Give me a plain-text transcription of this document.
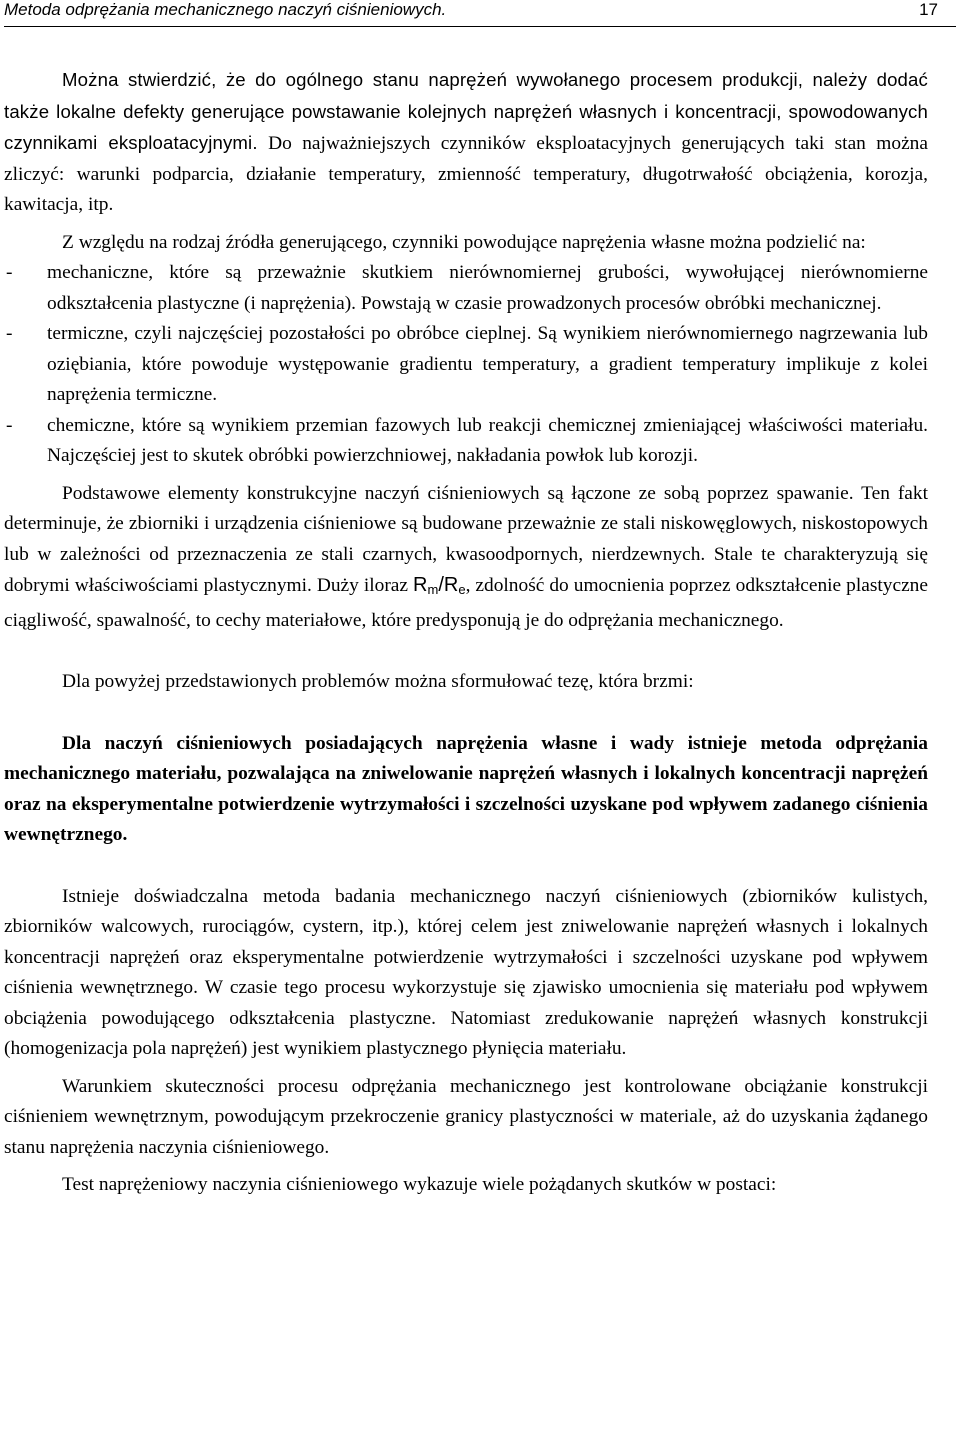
Metoda odprężania mechanicznego naczyń ciśnieniowych.	17

Można stwierdzić, że do ogólnego stanu naprężeń wywołanego procesem produkcji, należy dodać także lokalne defekty generujące powstawanie kolejnych naprężeń własnych i koncentracji, spowodowanych czynnikami eksploatacyjnymi. Do najważniejszych czynników eksploatacyjnych generujących taki stan można zliczyć: warunki podparcia, działanie temperatury, zmienność temperatury, długotrwałość obciążenia, korozja, kawitacja, itp.

Z względu na rodzaj źródła generującego, czynniki powodujące naprężenia własne można podzielić na:

- mechaniczne, które są przeważnie skutkiem nierównomiernej grubości, wywołującej nierównomierne odkształcenia plastyczne (i naprężenia). Powstają w czasie prowadzonych procesów obróbki mechanicznej.
- termiczne, czyli najczęściej pozostałości po obróbce cieplnej. Są wynikiem nierównomiernego nagrzewania lub oziębiania, które powoduje występowanie gradientu temperatury, a gradient temperatury implikuje z kolei naprężenia termiczne.
- chemiczne, które są wynikiem przemian fazowych lub reakcji chemicznej zmieniającej właściwości materiału. Najczęściej jest to skutek obróbki powierzchniowej, nakładania powłok lub korozji.

Podstawowe elementy konstrukcyjne naczyń ciśnieniowych są łączone ze sobą poprzez spawanie. Ten fakt determinuje, że zbiorniki i urządzenia ciśnieniowe są budowane przeważnie ze stali niskowęglowych, niskostopowych lub w zależności od przeznaczenia ze stali czarnych, kwasoodpornych, nierdzewnych. Stale te charakteryzują się dobrymi właściwościami plastycznymi. Duży iloraz $R_m/R_e$, zdolność do umocnienia poprzez odkształcenie plastyczne ciągliwość, spawalność, to cechy materiałowe, które predysponują je do odprężania mechanicznego.

Dla powyżej przedstawionych problemów można sformułować tezę, która brzmi:

Dla naczyń ciśnieniowych posiadających naprężenia własne i wady istnieje metoda odprężania mechanicznego materiału, pozwalająca na zniwelowanie naprężeń własnych i lokalnych koncentracji naprężeń oraz na eksperymentalne potwierdzenie wytrzymałości i szczelności uzyskane pod wpływem zadanego ciśnienia wewnętrznego.

Istnieje doświadczalna metoda badania mechanicznego naczyń ciśnieniowych (zbiorników kulistych, zbiorników walcowych, rurociągów, cystern, itp.), której celem jest zniwelowanie naprężeń własnych i lokalnych koncentracji naprężeń oraz eksperymentalne potwierdzenie wytrzymałości i szczelności uzyskane pod wpływem ciśnienia wewnętrznego. W czasie tego procesu wykorzystuje się zjawisko umocnienia się materiału pod wpływem obciążenia powodującego odkształcenia plastyczne. Natomiast zredukowanie naprężeń własnych konstrukcji (homogenizacja pola naprężeń) jest wynikiem plastycznego płynięcia materiału.

Warunkiem skuteczności procesu odprężania mechanicznego jest kontrolowane obciążanie konstrukcji ciśnieniem wewnętrznym, powodującym przekroczenie granicy plastyczności w materiale, aż do uzyskania żądanego stanu naprężenia naczynia ciśnieniowego.

Test naprężeniowy naczynia ciśnieniowego wykazuje wiele pożądanych skutków w postaci:
